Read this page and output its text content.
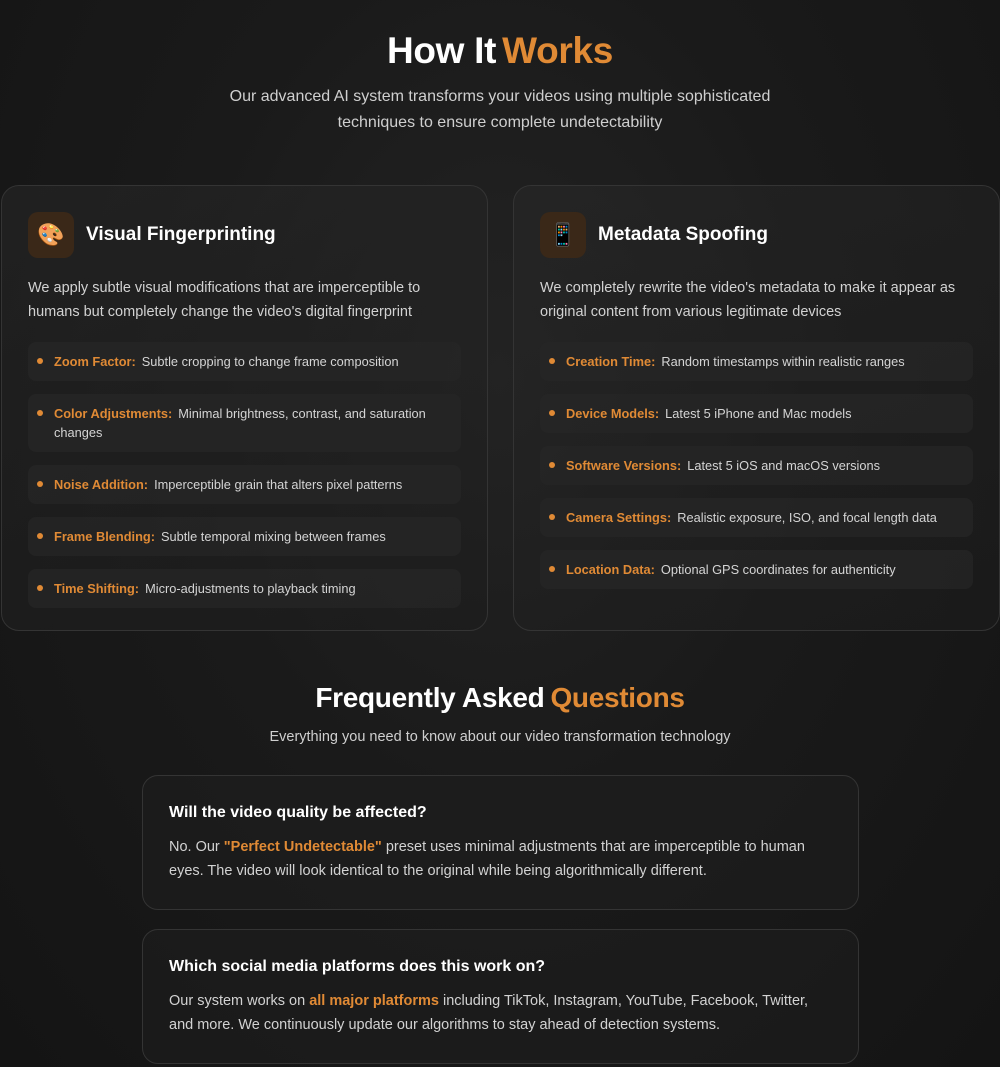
How It Works

Our advanced AI system transforms your videos using multiple sophisticated techniques to ensure complete undetectability

🎨	Visual Fingerprinting

We apply subtle visual modifications that are imperceptible to humans but completely change the video's digital fingerprint

Zoom Factor: Subtle cropping to change frame composition
Color Adjustments: Minimal brightness, contrast, and saturation changes
Noise Addition: Imperceptible grain that alters pixel patterns
Frame Blending: Subtle temporal mixing between frames
Time Shifting: Micro-adjustments to playback timing
📱	Metadata Spoofing

We completely rewrite the video's metadata to make it appear as original content from various legitimate devices

Creation Time: Random timestamps within realistic ranges
Device Models: Latest 5 iPhone and Mac models
Software Versions: Latest 5 iOS and macOS versions
Camera Settings: Realistic exposure, ISO, and focal length data
Location Data: Optional GPS coordinates for authenticity
Frequently Asked Questions

Everything you need to know about our video transformation technology

Will the video quality be affected?

No. Our "Perfect Undetectable" preset uses minimal adjustments that are imperceptible to human eyes. The video will look identical to the original while being algorithmically different.

Which social media platforms does this work on?

Our system works on all major platforms including TikTok, Instagram, YouTube, Facebook, Twitter, and more. We continuously update our algorithms to stay ahead of detection systems.
